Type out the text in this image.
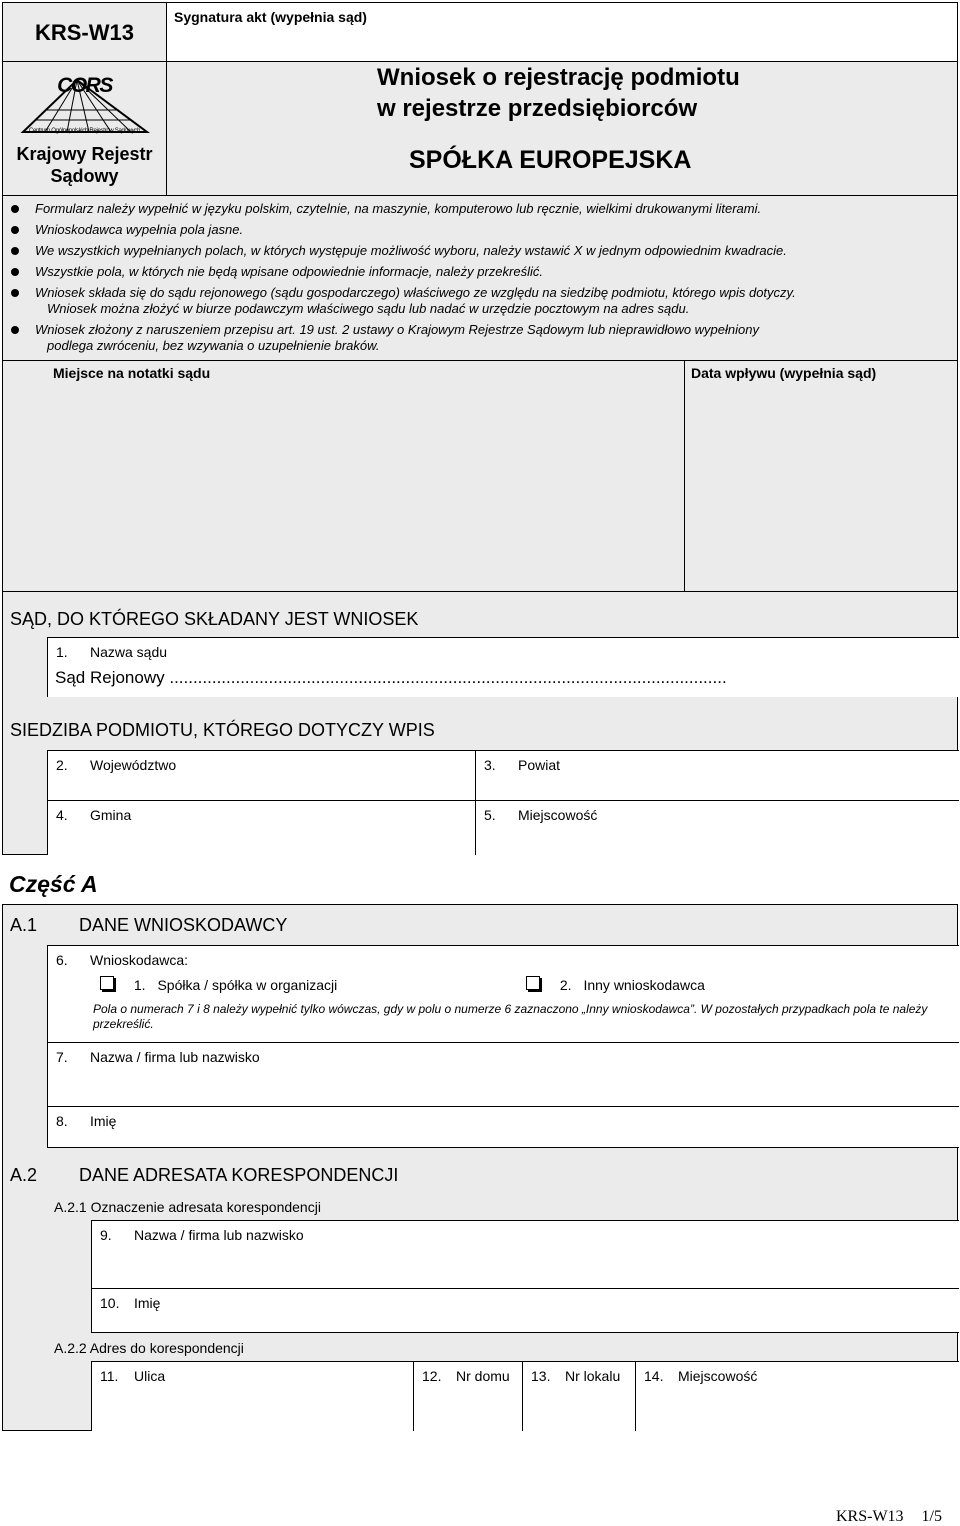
KRS-W13
Sygnatura akt (wypełnia sąd)
CORS
Centrum Ogólnopolskich Rejestrów Sądowych
Krajowy Rejestr
Sądowy
Wniosek o rejestrację podmiotu
w rejestrze przedsiębiorców
SPÓŁKA EUROPEJSKA
Formularz należy wypełnić w języku polskim, czytelnie, na maszynie, komputerowo lub ręcznie, wielkimi drukowanymi literami.
Wnioskodawca wypełnia pola jasne.
We wszystkich wypełnianych polach, w których występuje możliwość wyboru, należy wstawić X w jednym odpowiednim kwadracie.
Wszystkie pola, w których nie będą wpisane odpowiednie informacje, należy przekreślić.
Wniosek składa się do sądu rejonowego (sądu gospodarczego) właściwego ze względu na siedzibę podmiotu, którego wpis dotyczy.
Wniosek można złożyć w biurze podawczym właściwego sądu lub nadać w urzędzie pocztowym na adres sądu.
Wniosek złożony z naruszeniem przepisu art. 19 ust. 2 ustawy o Krajowym Rejestrze Sądowym lub nieprawidłowo wypełniony
podlega zwróceniu, bez wzywania o uzupełnienie braków.
Miejsce na notatki sądu	Data wpływu (wypełnia sąd)
SĄD, DO KTÓREGO SKŁADANY JEST WNIOSEK
1. Nazwa sądu
Sąd Rejonowy ......................................................................................................................
SIEDZIBA PODMIOTU, KTÓREGO DOTYCZY WPIS
2. Województwo	3. Powiat
4. Gmina	5. Miejscowość
Część A
A.1 DANE WNIOSKODAWCY
6. Wnioskodawca:
1. Spółka / spółka w organizacji	2. Inny wnioskodawca
Pola o numerach 7 i 8 należy wypełnić tylko wówczas, gdy w polu o numerze 6 zaznaczono „Inny wnioskodawca”. W pozostałych przypadkach pola te należy przekreślić.
7. Nazwa / firma lub nazwisko
8. Imię
A.2 DANE ADRESATA KORESPONDENCJI
A.2.1 Oznaczenie adresata korespondencji
9. Nazwa / firma lub nazwisko
10. Imię
A.2.2 Adres do korespondencji
11. Ulica	12. Nr domu 13. Nr lokalu 14. Miejscowość
KRS-W13 1/5
